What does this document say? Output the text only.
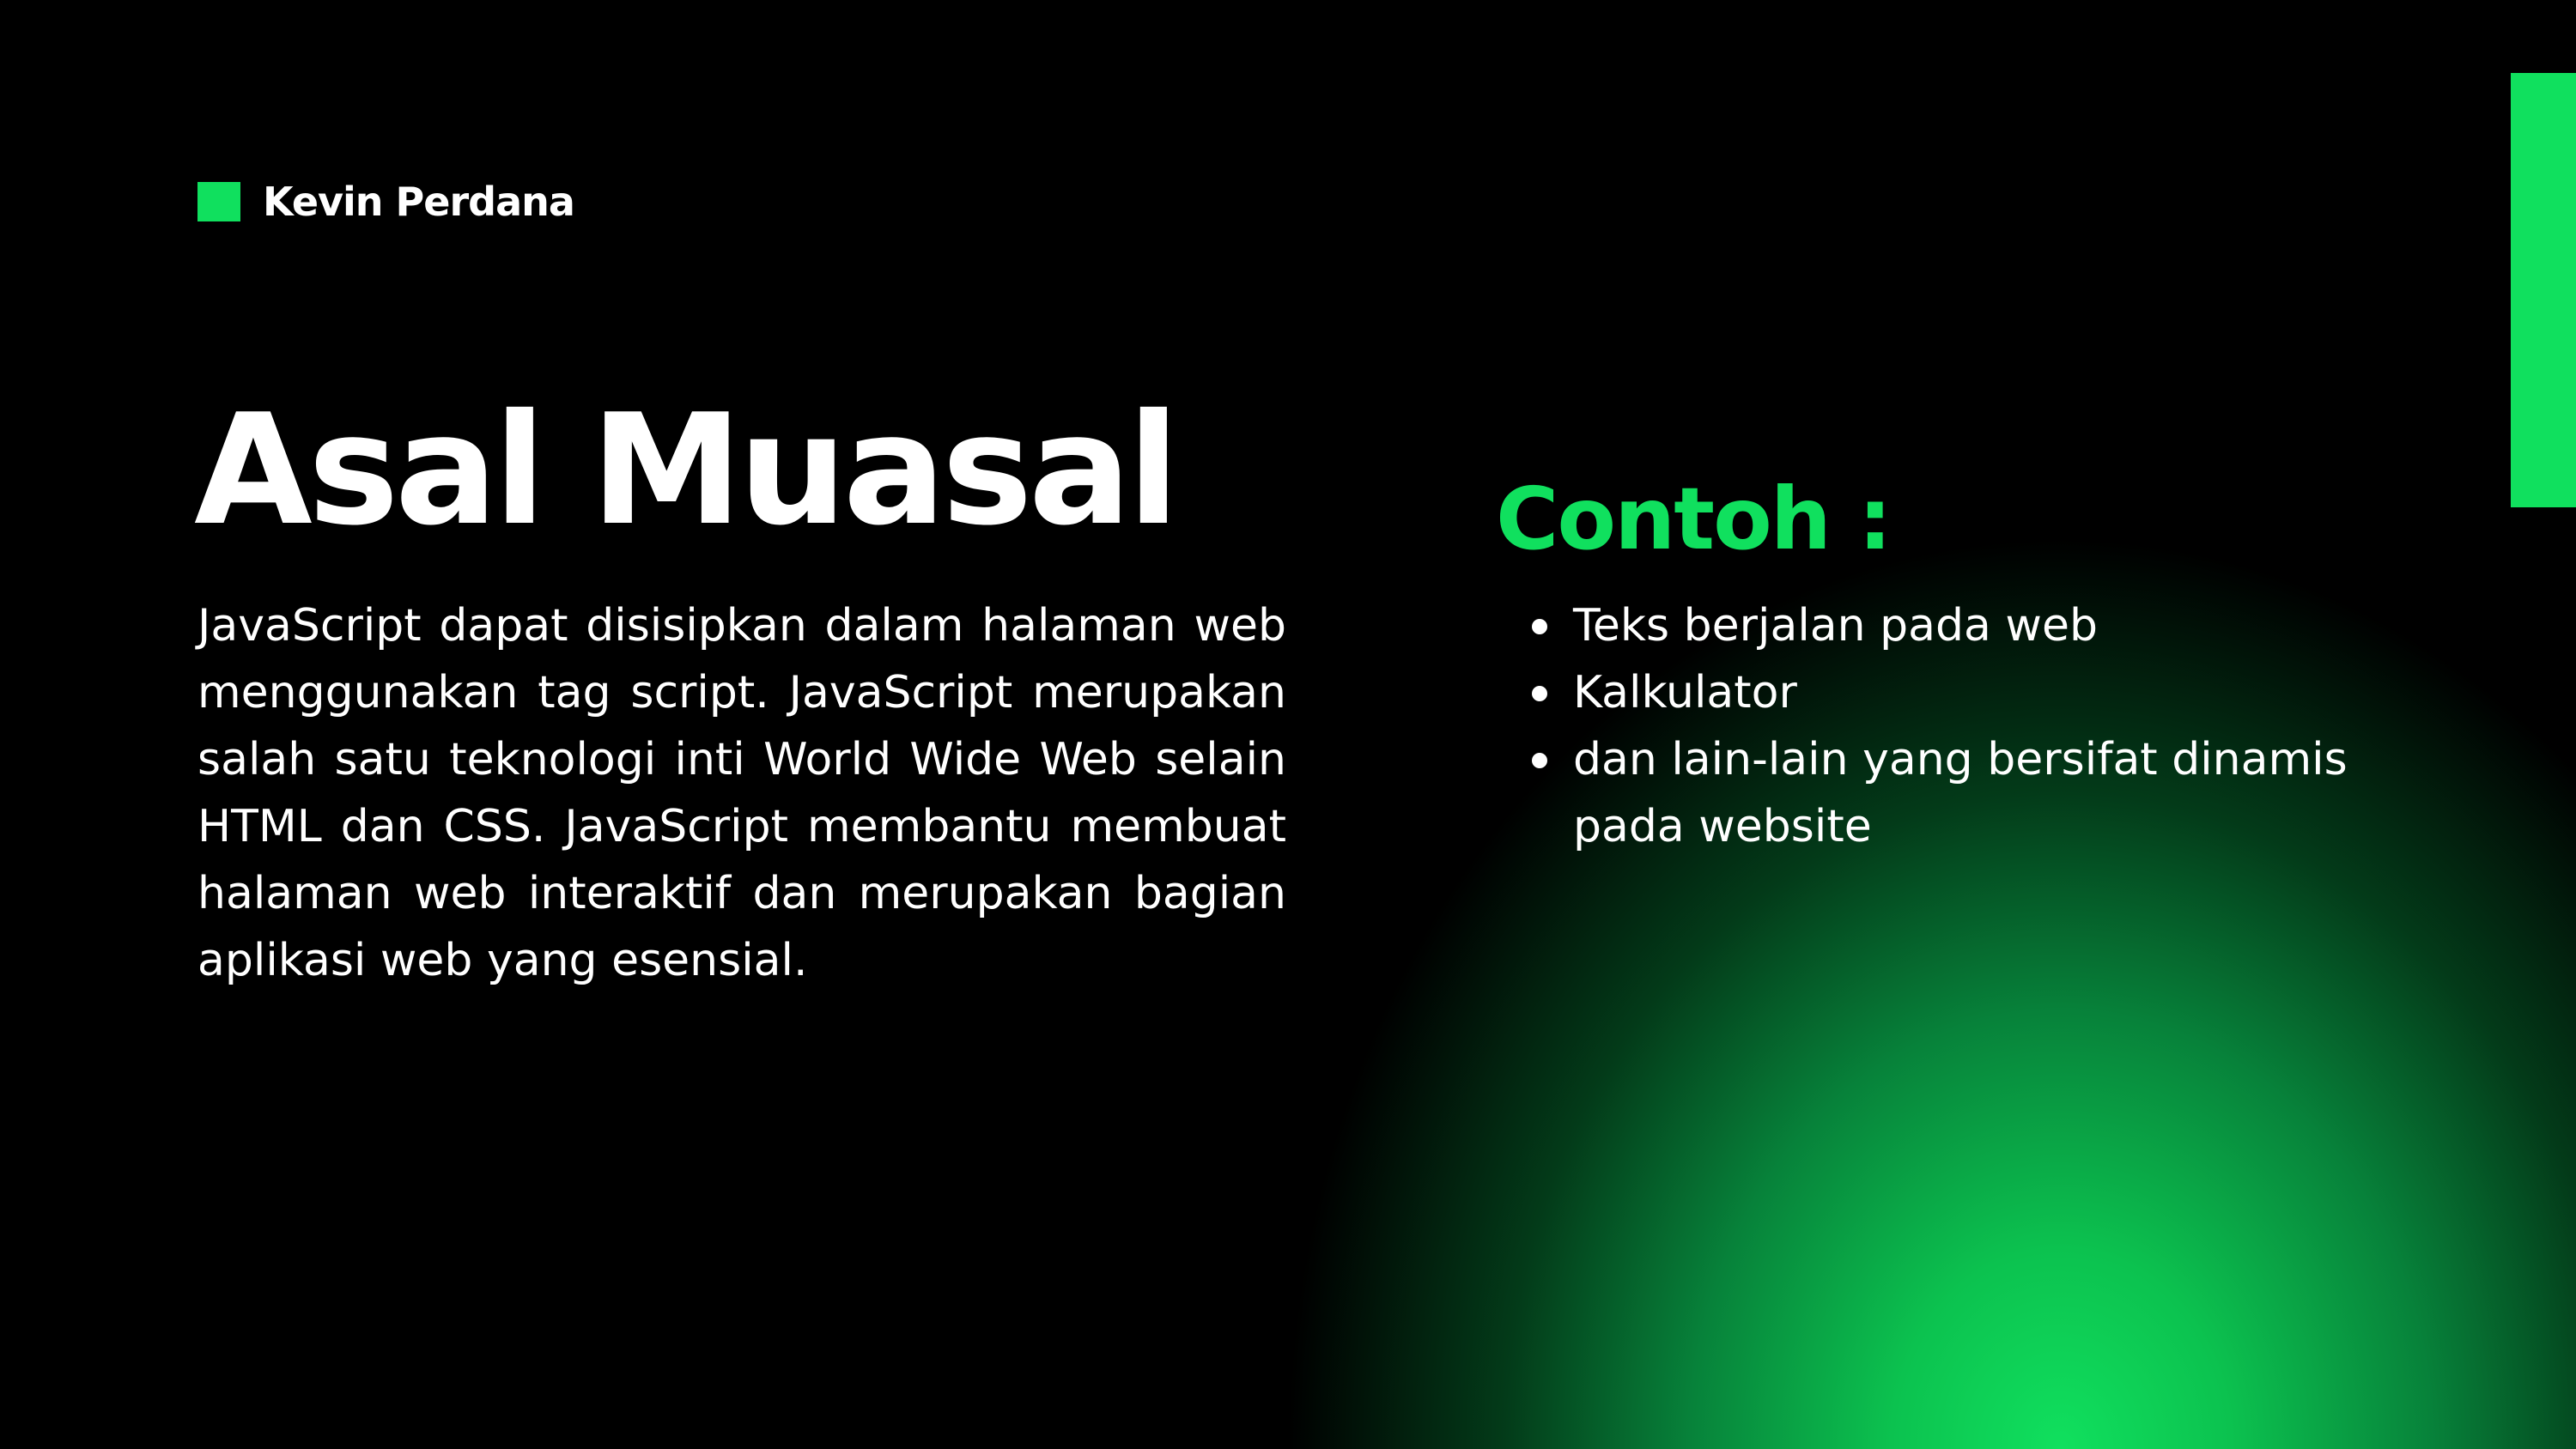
Kevin Perdana
Asal Muasal

JavaScript dapat disisipkan dalam halaman web menggunakan tag script. JavaScript merupakan salah satu teknologi inti World Wide Web selain HTML dan CSS. JavaScript membantu membuat halaman web interaktif dan merupakan bagian aplikasi web yang esensial.

Contoh :
Teks berjalan pada web
Kalkulator
dan lain-lain yang bersifat dinamis pada website
